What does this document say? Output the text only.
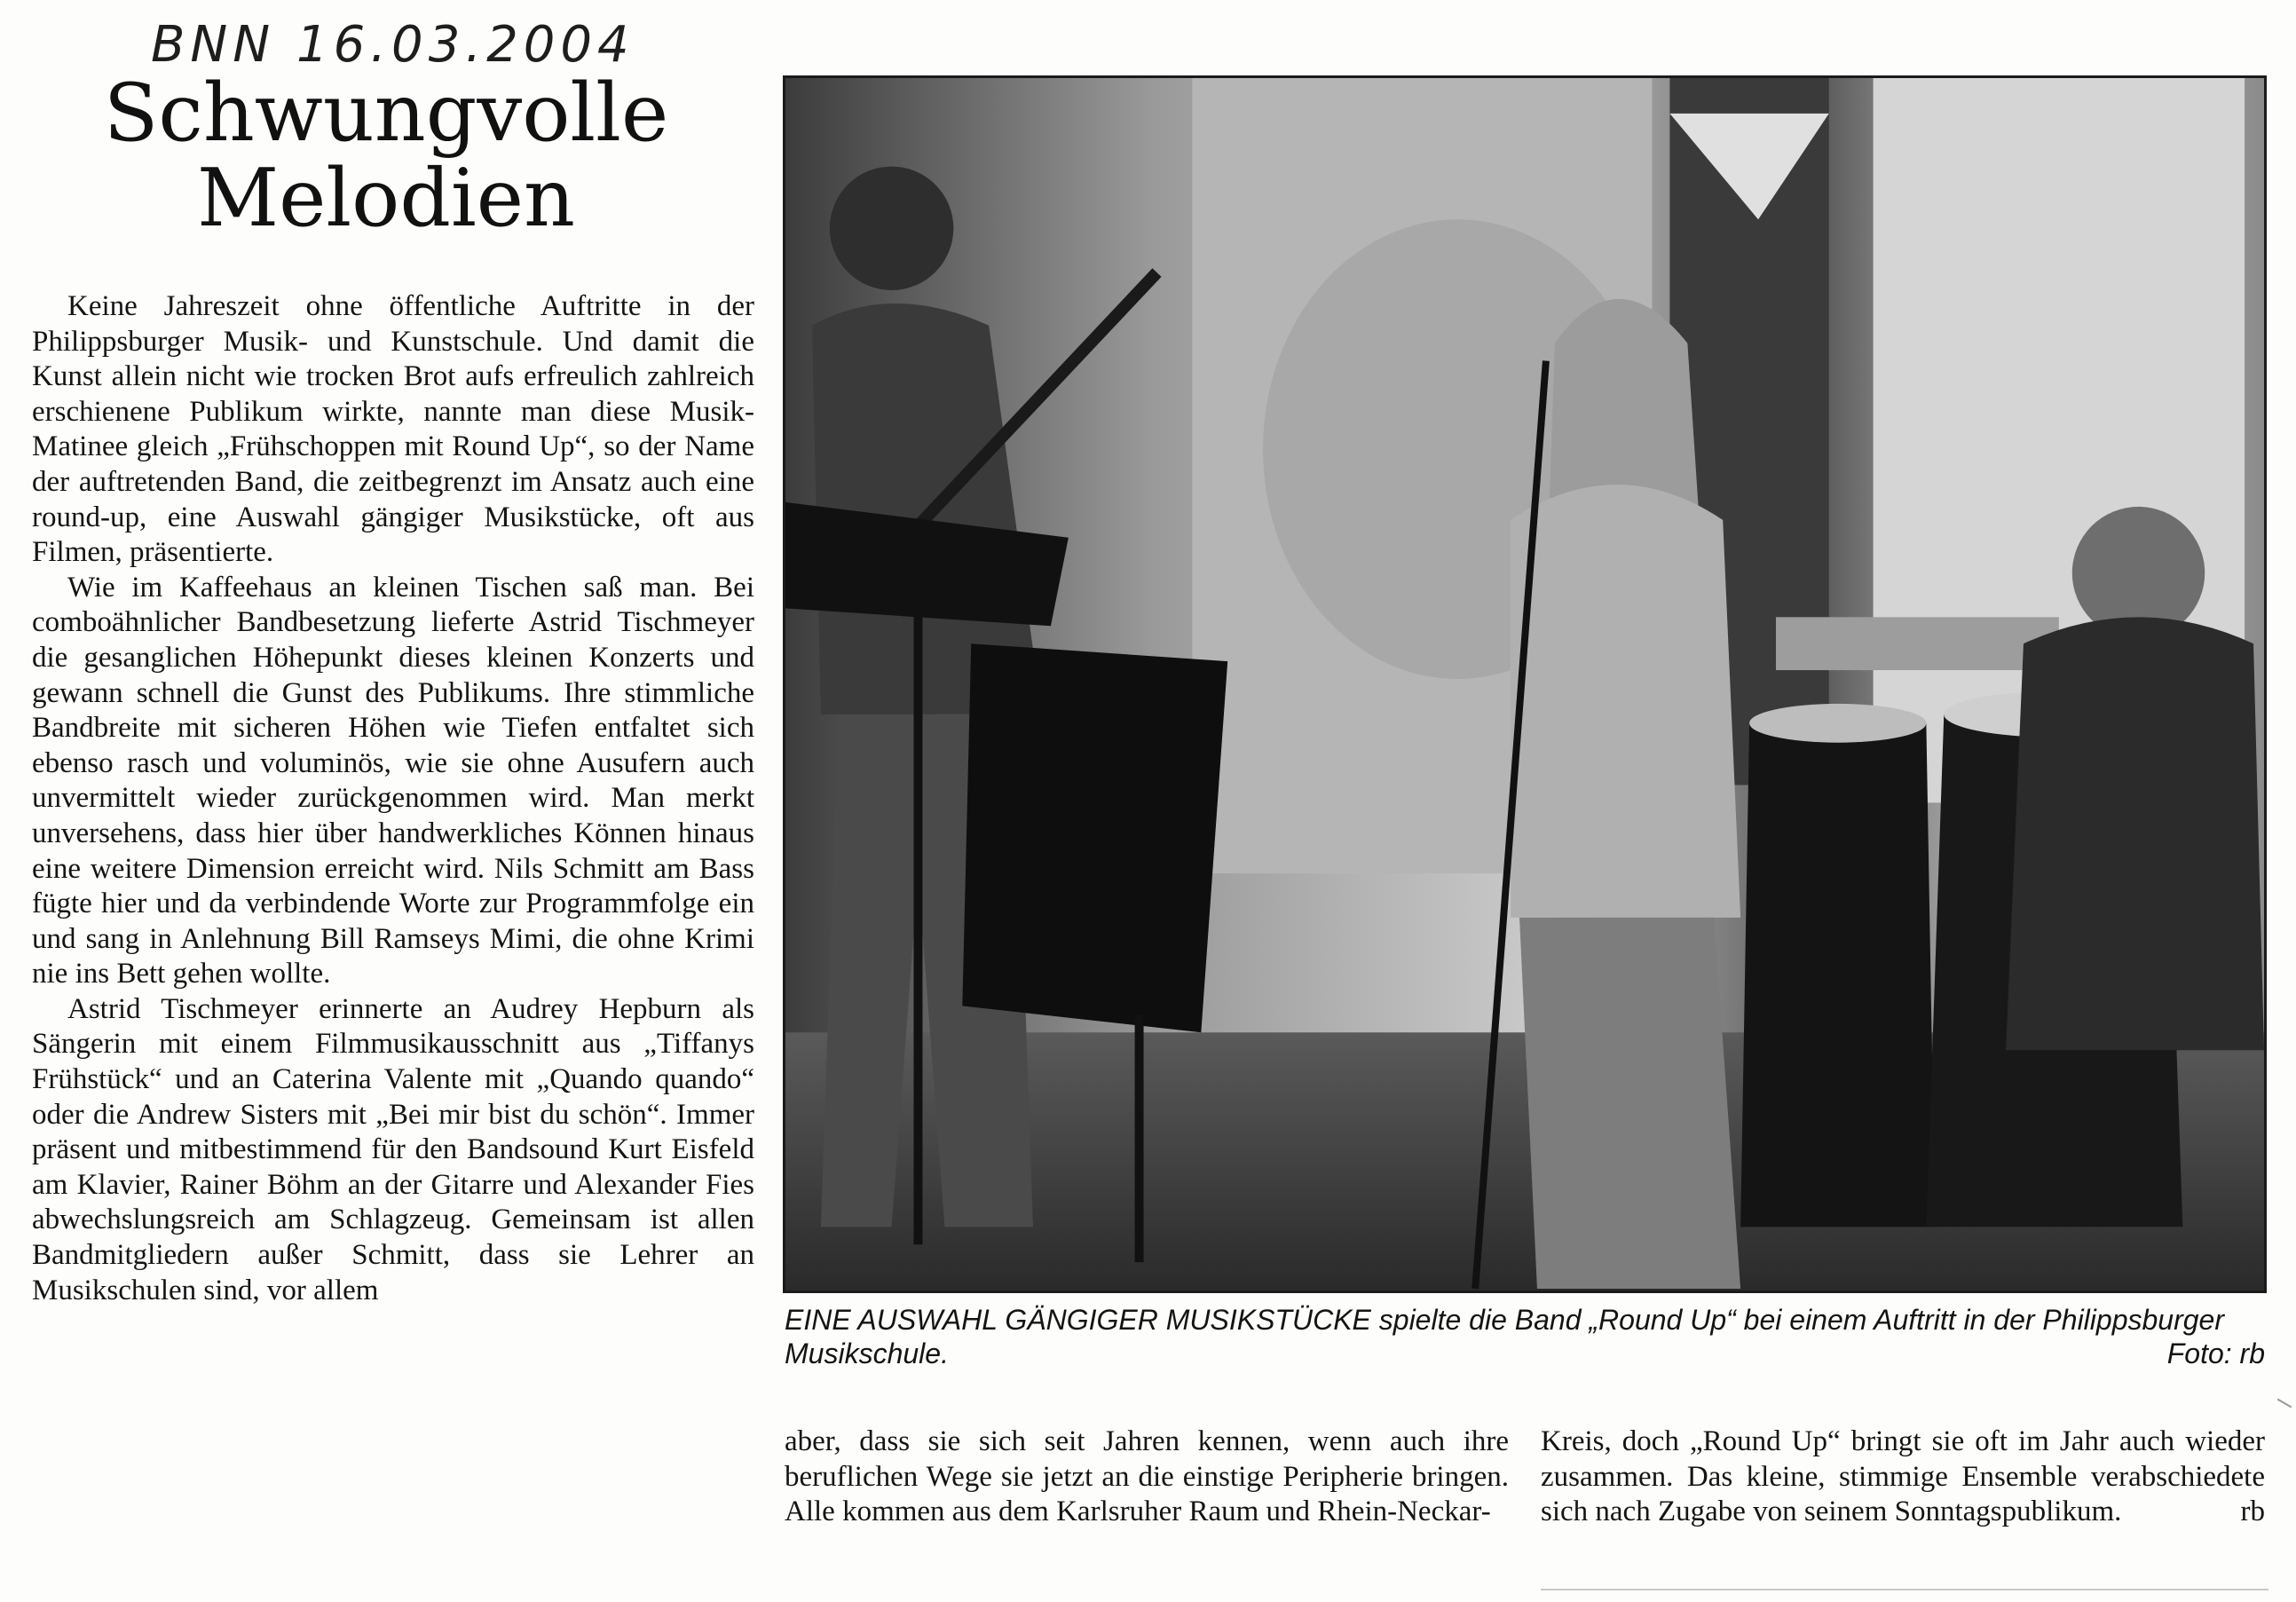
BNN 16.03.2004
Schwungvolle
Melodien

Keine Jahreszeit ohne öffentliche Auftritte in der Philippsburger Musik- und Kunstschule. Und damit die Kunst allein nicht wie trocken Brot aufs erfreulich zahlreich erschienene Publikum wirkte, nannte man diese Musik-Matinee gleich „Frühschoppen mit Round Up“, so der Name der auftretenden Band, die zeitbegrenzt im Ansatz auch eine round-up, eine Auswahl gängiger Musikstücke, oft aus Filmen, präsentierte.

Wie im Kaffeehaus an kleinen Tischen saß man. Bei comboähnlicher Bandbesetzung lieferte Astrid Tischmeyer die gesanglichen Höhepunkt dieses kleinen Konzerts und gewann schnell die Gunst des Publikums. Ihre stimmliche Bandbreite mit sicheren Höhen wie Tiefen entfaltet sich ebenso rasch und voluminös, wie sie ohne Ausufern auch unvermittelt wieder zurückgenommen wird. Man merkt unversehens, dass hier über handwerkliches Können hinaus eine weitere Dimension erreicht wird. Nils Schmitt am Bass fügte hier und da verbindende Worte zur Programmfolge ein und sang in Anlehnung Bill Ramseys Mimi, die ohne Krimi nie ins Bett gehen wollte.

Astrid Tischmeyer erinnerte an Audrey Hepburn als Sängerin mit einem Filmmusikausschnitt aus „Tiffanys Frühstück“ und an Caterina Valente mit „Quando quando“ oder die Andrew Sisters mit „Bei mir bist du schön“. Immer präsent und mitbestimmend für den Bandsound Kurt Eisfeld am Klavier, Rainer Böhm an der Gitarre und Alexander Fies abwechslungsreich am Schlagzeug. Gemeinsam ist allen Bandmitgliedern außer Schmitt, dass sie Lehrer an Musikschulen sind, vor allem

EINE AUSWAHL GÄNGIGER MUSIKSTÜCKE spielte die Band „Round Up“ bei einem Auftritt in der Philippsburger Musikschule.	Foto: rb

aber, dass sie sich seit Jahren kennen, wenn auch ihre beruflichen Wege sie jetzt an die einstige Peripherie bringen. Alle kommen aus dem Karlsruher Raum und Rhein-Neckar-

Kreis, doch „Round Up“ bringt sie oft im Jahr auch wieder zusammen. Das kleine, stimmige Ensemble verabschiedete sich nach Zugabe von seinem Sonntagspublikum.	rb
